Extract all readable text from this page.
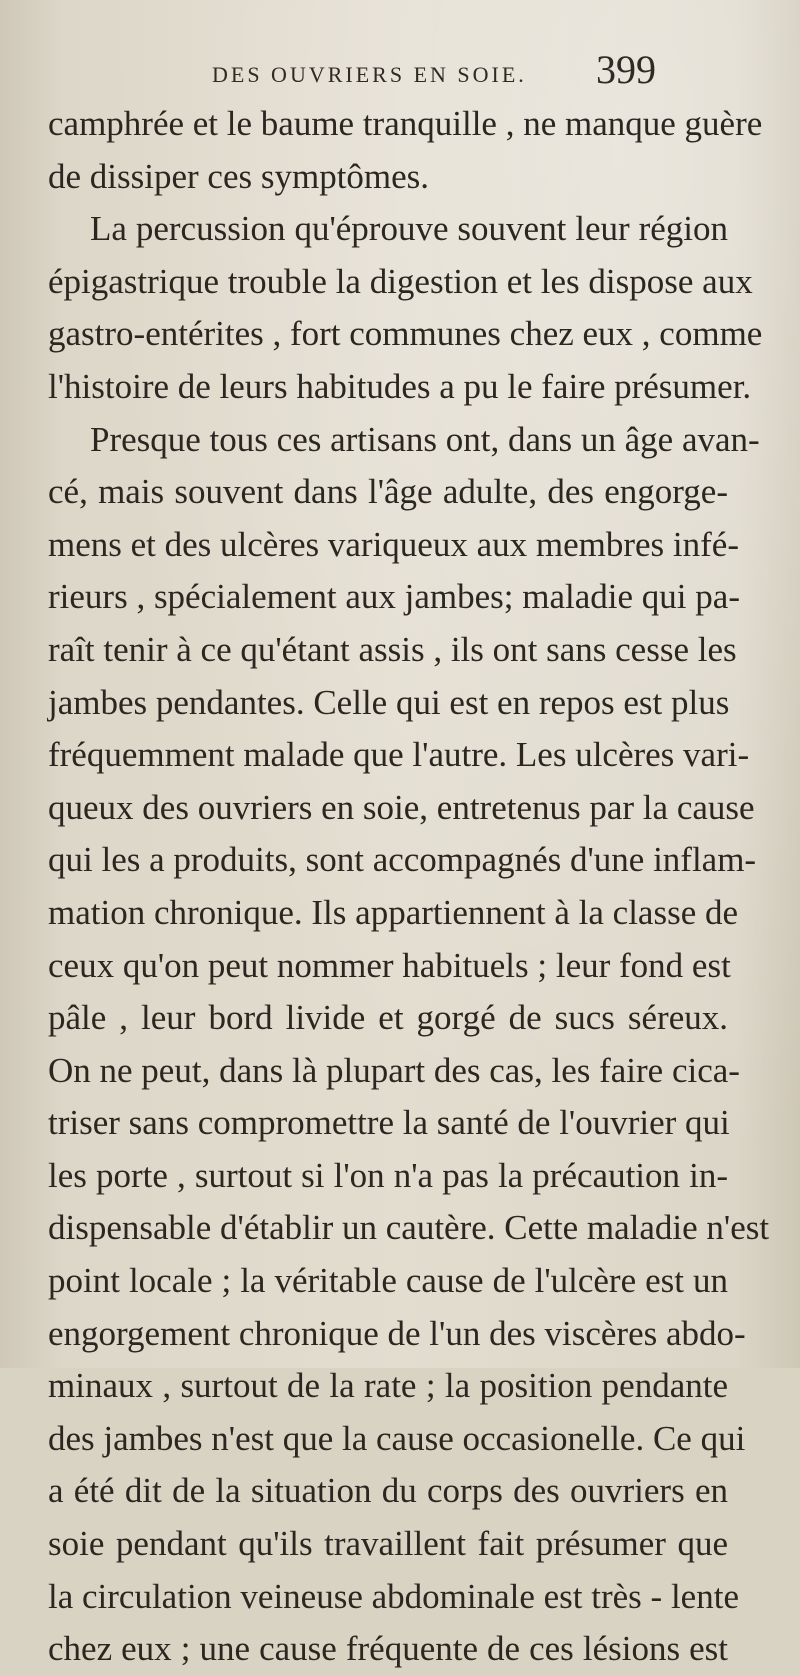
DES OUVRIERS EN SOIE. 399
camphrée et le baume tranquille , ne manque guère
de dissiper ces symptômes.
La percussion qu'éprouve souvent leur région
épigastrique trouble la digestion et les dispose aux
gastro-entérites , fort communes chez eux , comme
l'histoire de leurs habitudes a pu le faire présumer.
Presque tous ces artisans ont, dans un âge avan-
cé, mais souvent dans l'âge adulte, des engorge-
mens et des ulcères variqueux aux membres infé-
rieurs , spécialement aux jambes; maladie qui pa-
raît tenir à ce qu'étant assis , ils ont sans cesse les
jambes pendantes. Celle qui est en repos est plus
fréquemment malade que l'autre. Les ulcères vari-
queux des ouvriers en soie, entretenus par la cause
qui les a produits, sont accompagnés d'une inflam-
mation chronique. Ils appartiennent à la classe de
ceux qu'on peut nommer habituels ; leur fond est
pâle , leur bord livide et gorgé de sucs séreux.
On ne peut, dans là plupart des cas, les faire cica-
triser sans compromettre la santé de l'ouvrier qui
les porte , surtout si l'on n'a pas la précaution in-
dispensable d'établir un cautère. Cette maladie n'est
point locale ; la véritable cause de l'ulcère est un
engorgement chronique de l'un des viscères abdo-
minaux , surtout de la rate ; la position pendante
des jambes n'est que la cause occasionelle. Ce qui
a été dit de la situation du corps des ouvriers en
soie pendant qu'ils travaillent fait présumer que
la circulation veineuse abdominale est très - lente
chez eux ; une cause fréquente de ces lésions est
